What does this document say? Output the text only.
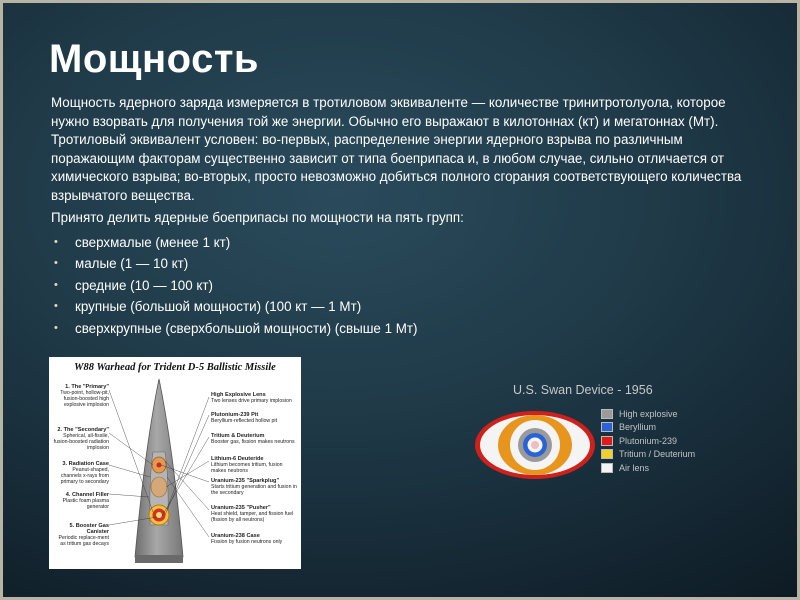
Мощность

Мощность ядерного заряда измеряется в тротиловом эквиваленте — количестве тринитротолуола, которое нужно взорвать для получения той же энергии. Обычно его выражают в килотоннах (кт) и мегатоннах (Мт). Тротиловый эквивалент условен: во-первых, распределение энергии ядерного взрыва по различным поражающим факторам существенно зависит от типа боеприпаса и, в любом случае, сильно отличается от химического взрыва; во-вторых, просто невозможно добиться полного сгорания соответствующего количества взрывчатого вещества.

Принято делить ядерные боеприпасы по мощности на пять групп:

• сверхмалые (менее 1 кт)
• малые (1 — 10 кт)
• средние (10 — 100 кт)
• крупные (большой мощности) (100 кт — 1 Мт)
• сверхкрупные (сверхбольшой мощности) (свыше 1 Мт)
W88 Warhead for Trident D-5 Ballistic Missile
1. The "Primary"
Two-point, hollow-pit, fusion-boosted high explosive implosion
2. The "Secondary"
Spherical, all-fissile, fusion-boosted radiation implosion
3. Radiation Case
Peanut-shaped, channels x-rays from primary to secondary
4. Channel Filler
Plastic foam plasma generator
5. Booster Gas Canister
Periodic replace-ment as tritium gas decays
High Explosive Lens
Two lenses drive primary implosion
Plutonium-239 Pit
Beryllium-reflected hollow pit
Tritium & Deuterium
Booster gas, fission makes neutrons
Lithium-6 Deuteride
Lithium becomes tritium, fusion makes neutrons
Uranium-235 "Sparkplug"
Starts tritium generation and fusion in the secondary
Uranium-235 "Pusher"
Heat shield, tamper, and fission fuel (fission by all neutrons)
Uranium-238 Case
Fission by fusion neutrons only
U.S. Swan Device - 1956
High explosive
Beryllium
Plutonium-239
Tritium / Deuterium
Air lens
